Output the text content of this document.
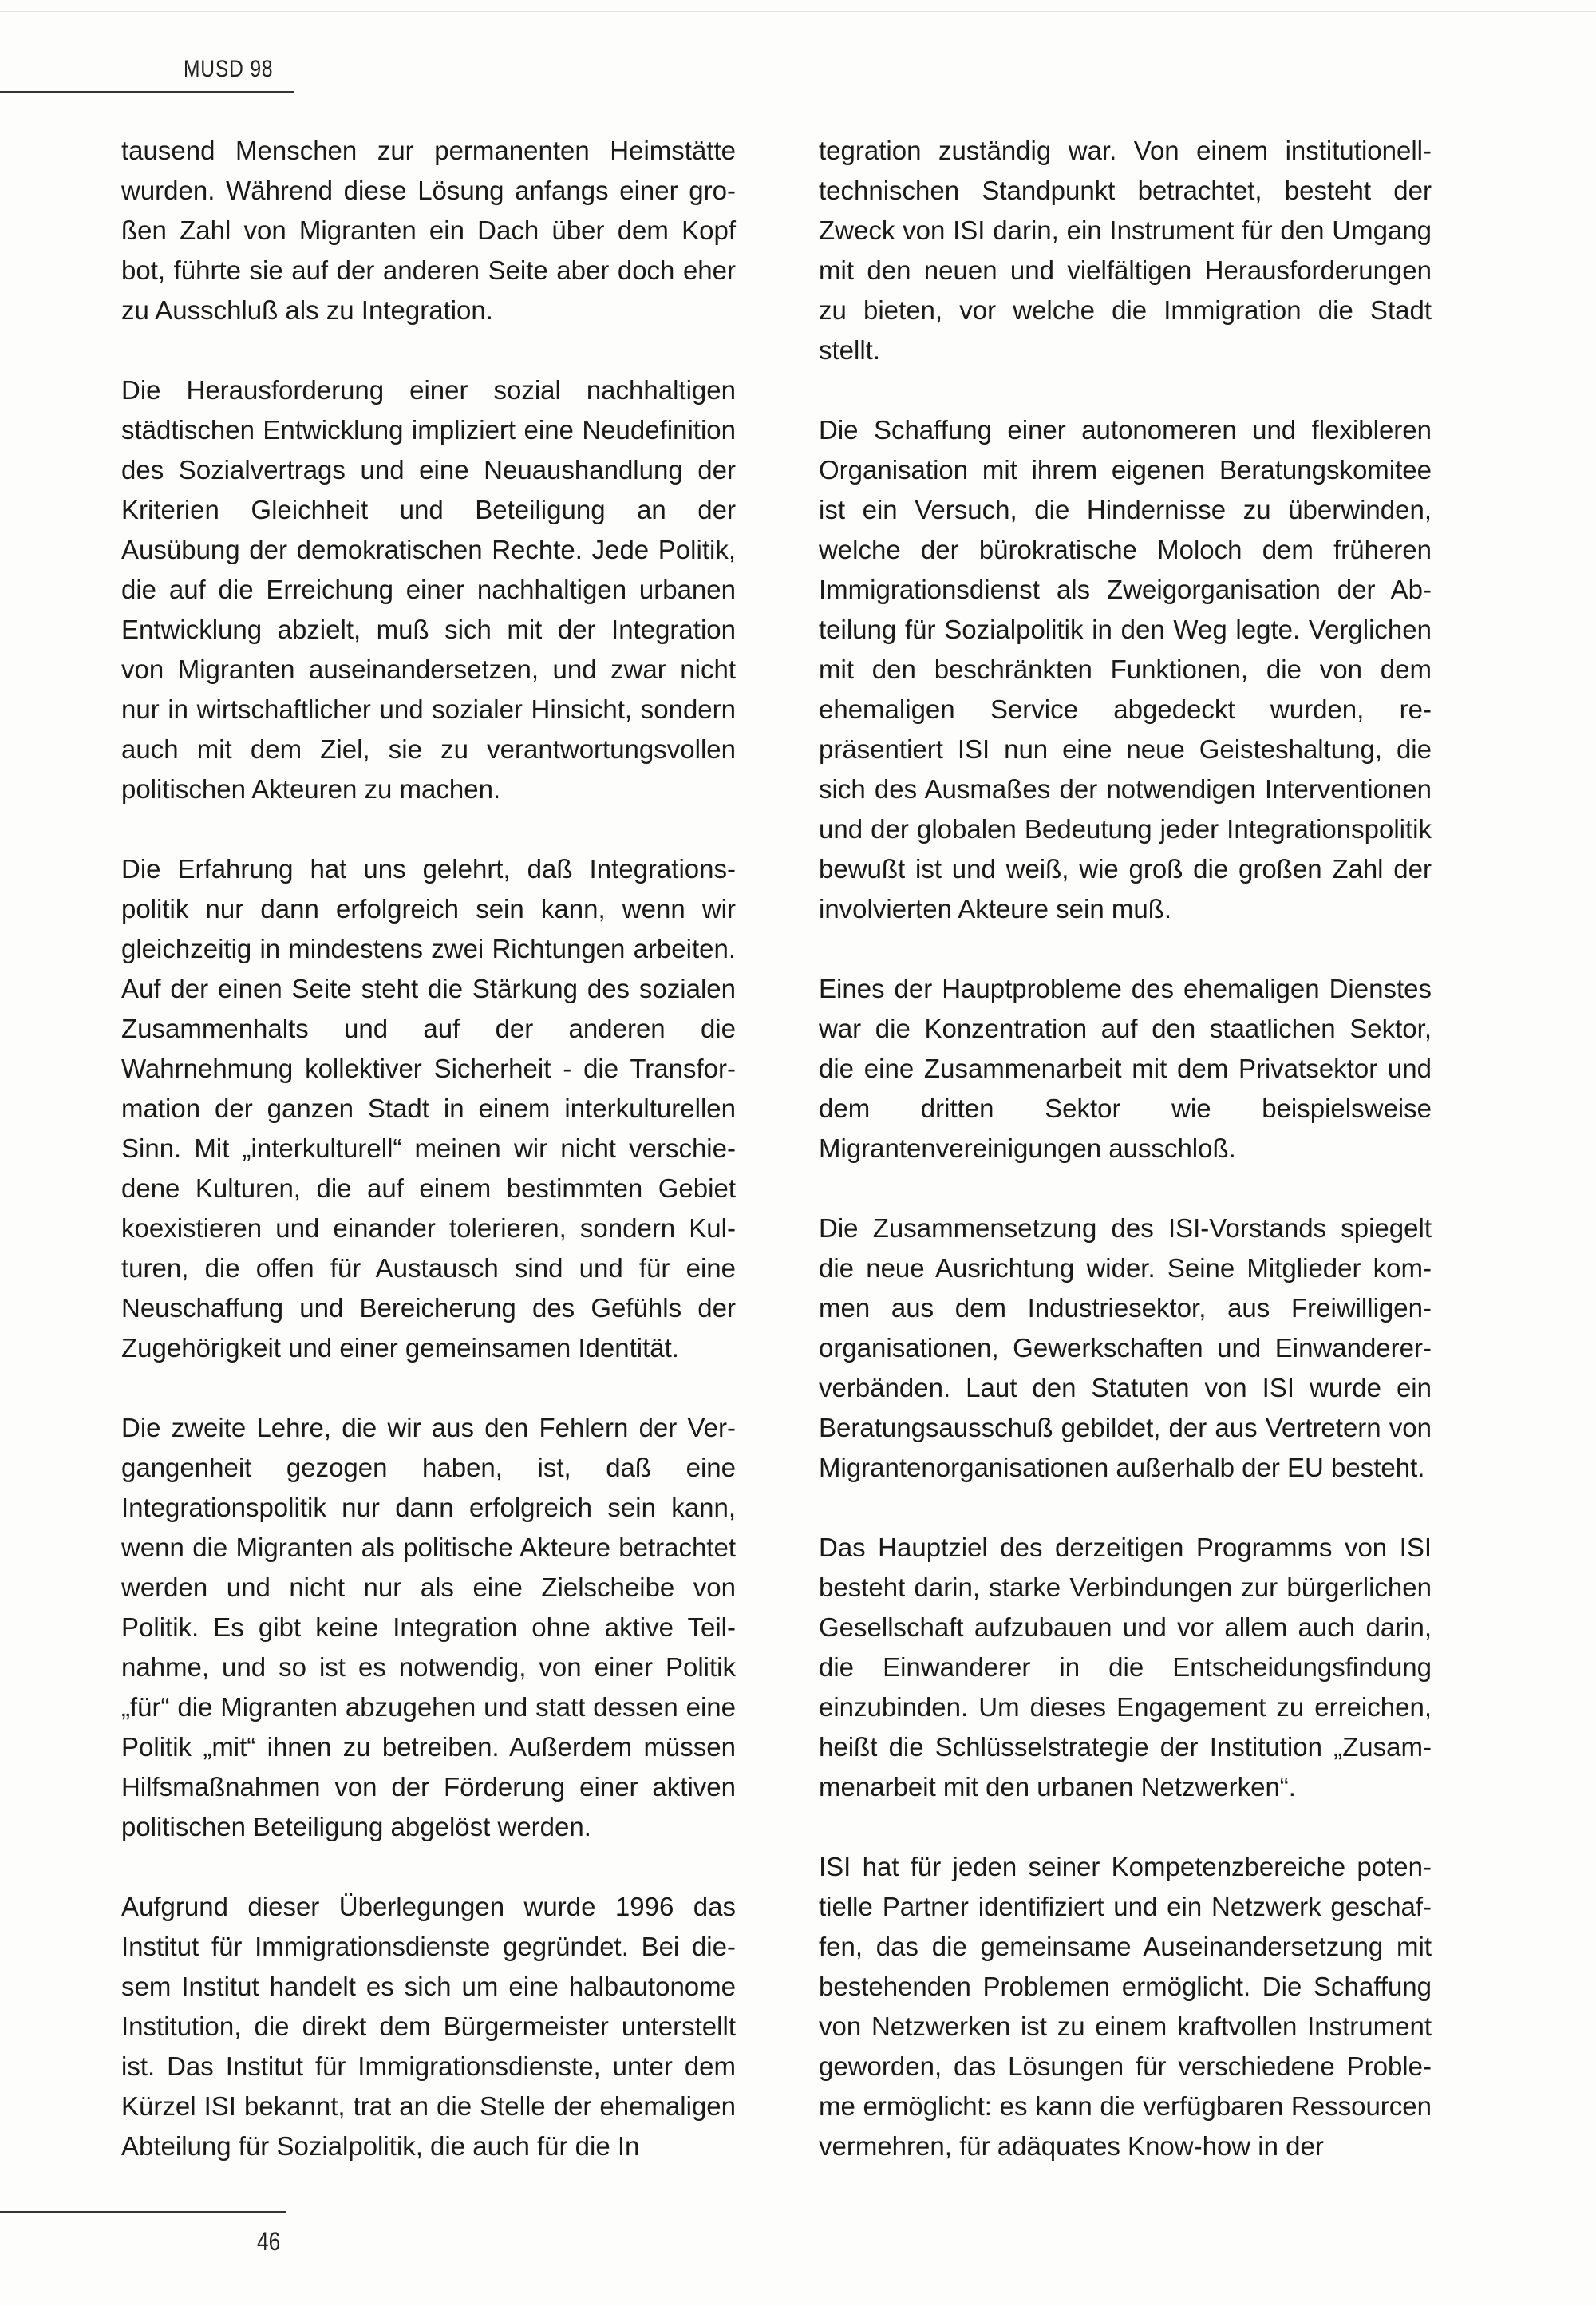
MUSD 98

tausend Menschen zur permanenten Heimstätte wurden. Während diese Lösung anfangs einer großen Zahl von Migranten ein Dach über dem Kopf bot, führte sie auf der anderen Seite aber doch eher zu Ausschluß als zu Integration.

Die Herausforderung einer sozial nachhaltigen städtischen Entwicklung impliziert eine Neudefinition des Sozialvertrags und eine Neuaushandlung der Kriterien Gleichheit und Beteiligung an der Ausübung der demokratischen Rechte. Jede Politik, die auf die Erreichung einer nachhaltigen urbanen Entwicklung abzielt, muß sich mit der Integration von Migranten auseinandersetzen, und zwar nicht nur in wirtschaftlicher und sozialer Hinsicht, sondern auch mit dem Ziel, sie zu verantwortungsvollen politischen Akteuren zu machen.

Die Erfahrung hat uns gelehrt, daß Integrationspolitik nur dann erfolgreich sein kann, wenn wir gleichzeitig in mindestens zwei Richtungen arbeiten. Auf der einen Seite steht die Stärkung des sozialen Zusammenhalts und auf der anderen die Wahrnehmung kollektiver Sicherheit - die Transformation der ganzen Stadt in einem interkulturellen Sinn. Mit „interkulturell“ meinen wir nicht verschiedene Kulturen, die auf einem bestimmten Gebiet koexistieren und einander tolerieren, sondern Kulturen, die offen für Austausch sind und für eine Neuschaffung und Bereicherung des Gefühls der Zugehörigkeit und einer gemeinsamen Identität.

Die zweite Lehre, die wir aus den Fehlern der Vergangenheit gezogen haben, ist, daß eine Integrationspolitik nur dann erfolgreich sein kann, wenn die Migranten als politische Akteure betrachtet werden und nicht nur als eine Zielscheibe von Politik. Es gibt keine Integration ohne aktive Teilnahme, und so ist es notwendig, von einer Politik „für“ die Migranten abzugehen und statt dessen eine Politik „mit“ ihnen zu betreiben. Außerdem müssen Hilfsmaßnahmen von der Förderung einer aktiven politischen Beteiligung abgelöst werden.

Aufgrund dieser Überlegungen wurde 1996 das Institut für Immigrationsdienste gegründet. Bei diesem Institut handelt es sich um eine halbautonome Institution, die direkt dem Bürgermeister unterstellt ist. Das Institut für Immigrationsdienste, unter dem Kürzel ISI bekannt, trat an die Stelle der ehemaligen Abteilung für Sozialpolitik, die auch für die In

tegration zuständig war. Von einem institutionell-technischen Standpunkt betrachtet, besteht der Zweck von ISI darin, ein Instrument für den Umgang mit den neuen und vielfältigen Herausforderungen zu bieten, vor welche die Immigration die Stadt stellt.

Die Schaffung einer autonomeren und flexibleren Organisation mit ihrem eigenen Beratungskomitee ist ein Versuch, die Hindernisse zu überwinden, welche der bürokratische Moloch dem früheren Immigrationsdienst als Zweigorganisation der Abteilung für Sozialpolitik in den Weg legte. Verglichen mit den beschränkten Funktionen, die von dem ehemaligen Service abgedeckt wurden, repräsentiert ISI nun eine neue Geisteshaltung, die sich des Ausmaßes der notwendigen Interventionen und der globalen Bedeutung jeder Integrationspolitik bewußt ist und weiß, wie groß die großen Zahl der involvierten Akteure sein muß.

Eines der Hauptprobleme des ehemaligen Dienstes war die Konzentration auf den staatlichen Sektor, die eine Zusammenarbeit mit dem Privatsektor und dem dritten Sektor wie beispielsweise Migrantenvereinigungen ausschloß.

Die Zusammensetzung des ISI-Vorstands spiegelt die neue Ausrichtung wider. Seine Mitglieder kommen aus dem Industriesektor, aus Freiwilligenorganisationen, Gewerkschaften und Einwandererverbänden. Laut den Statuten von ISI wurde ein Beratungsausschuß gebildet, der aus Vertretern von Migrantenorganisationen außerhalb der EU besteht.

Das Hauptziel des derzeitigen Programms von ISI besteht darin, starke Verbindungen zur bürgerlichen Gesellschaft aufzubauen und vor allem auch darin, die Einwanderer in die Entscheidungsfindung einzubinden. Um dieses Engagement zu erreichen, heißt die Schlüsselstrategie der Institution „Zusammenarbeit mit den urbanen Netzwerken“.

ISI hat für jeden seiner Kompetenzbereiche potentielle Partner identifiziert und ein Netzwerk geschaffen, das die gemeinsame Auseinandersetzung mit bestehenden Problemen ermöglicht. Die Schaffung von Netzwerken ist zu einem kraftvollen Instrument geworden, das Lösungen für verschiedene Probleme ermöglicht: es kann die verfügbaren Ressourcen vermehren, für adäquates Know-how in der

46
